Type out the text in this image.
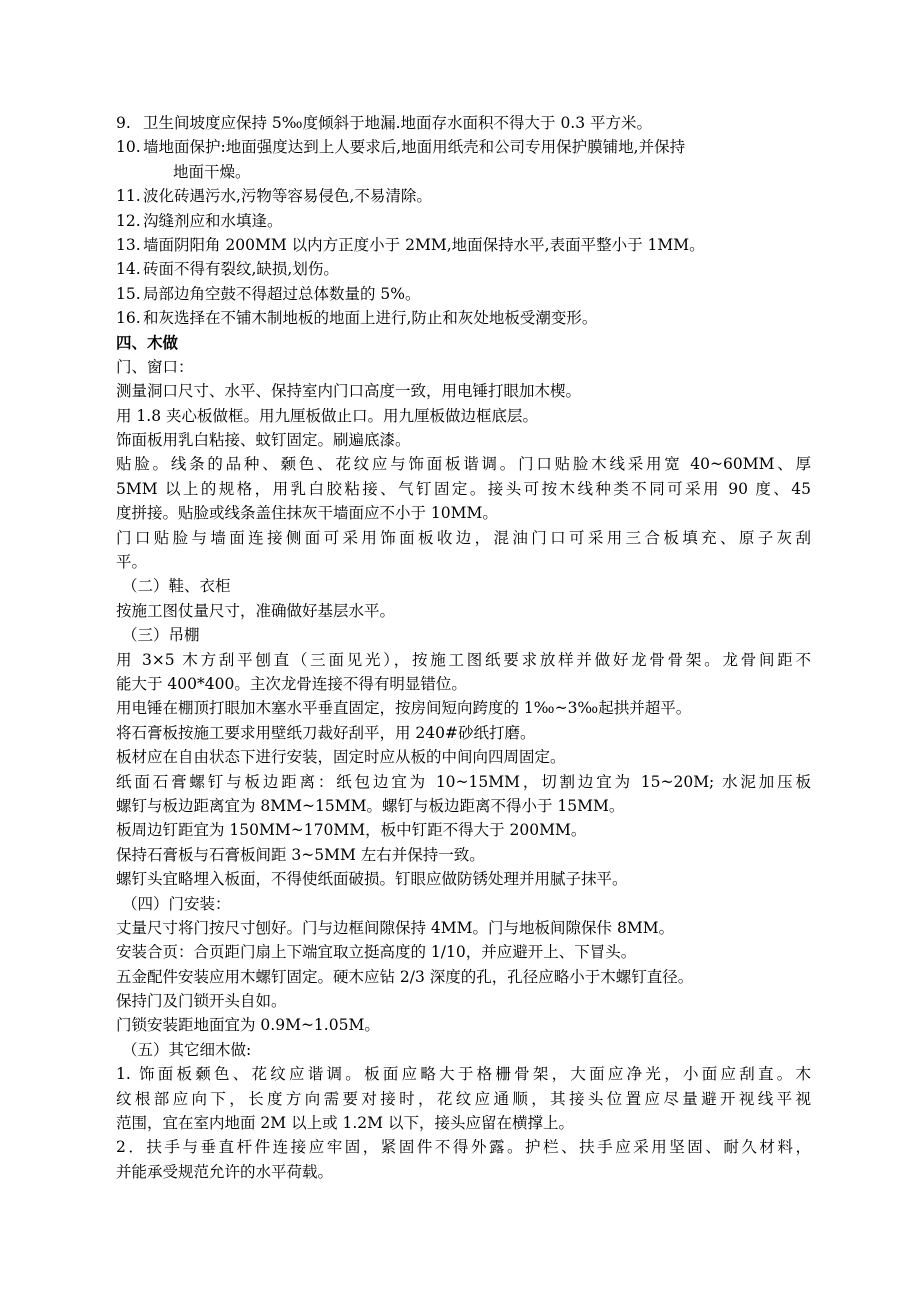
9. 卫生间坡度应保持 5‰度倾斜于地漏.地面存水面积不得大于 0.3 平方米。
10. 墙地面保护:地面强度达到上人要求后,地面用纸壳和公司专用保护膜铺地,并保持
地面干燥。
11. 波化砖遇污水,污物等容易侵色,不易清除。
12. 沟缝剂应和水填逢。
13. 墙面阴阳角 200MM 以内方正度小于 2MM,地面保持水平,表面平整小于 1MM。
14. 砖面不得有裂纹,缺损,划伤。
15. 局部边角空鼓不得超过总体数量的 5%。
16. 和灰选择在不铺木制地板的地面上进行,防止和灰处地板受潮变形。
四、木做
门、窗口：
测量洞口尺寸、水平、保持室内门口高度一致，用电锤打眼加木楔。
用 1.8 夹心板做框。用九厘板做止口。用九厘板做边框底层。
饰面板用乳白粘接、蚊钉固定。刷遍底漆。
贴脸。线条的品种、颡色、花纹应与饰面板谐调。门口贴脸木线采用宽 40~60MM、厚
5MM 以上的规格，用乳白胶粘接、气钉固定。接头可按木线种类不同可采用 90 度、45
度拼接。贴脸或线条盖住抹灰干墙面应不小于 10MM。
门口贴脸与墙面连接侧面可采用饰面板收边，混油门口可采用三合板填充、原子灰刮
平。
（二）鞋、衣柜
按施工图仗量尺寸，准确做好基层水平。
（三）吊棚
用 3×5 木方刮平刨直（三面见光），按施工图纸要求放样并做好龙骨骨架。龙骨间距不
能大于 400*400。主次龙骨连接不得有明显错位。
用电锤在棚顶打眼加木塞水平垂直固定，按房间短向跨度的 1‰~3‰起拱并超平。
将石膏板按施工要求用壁纸刀裁好刮平，用 240#砂纸打磨。
板材应在自由状态下进行安装，固定时应从板的中间向四周固定。
纸面石膏螺钉与板边距离：纸包边宜为 10~15MM，切割边宜为 15~20M; 水泥加压板
螺钉与板边距离宜为 8MM~15MM。螺钉与板边距离不得小于 15MM。
板周边钉距宜为 150MM~170MM，板中钉距不得大于 200MM。
保持石膏板与石膏板间距 3~5MM 左右并保持一致。
螺钉头宜略埋入板面，不得使纸面破损。钉眼应做防锈处理并用腻子抹平。
（四）门安装：
丈量尺寸将门按尺寸刨好。门与边框间隙保持 4MM。门与地板间隙保佧 8MM。
安装合页：合页距门扇上下端宜取立挺高度的 1/10，并应避开上、下冒头。
五金配件安装应用木螺钉固定。硬木应钻 2/3 深度的孔，孔径应略小于木螺钉直径。
保持门及门锁开头自如。
门锁安装距地面宜为 0.9M~1.05M。
（五）其它细木做:
1. 饰面板颡色、花纹应谐调。板面应略大于格栅骨架，大面应净光，小面应刮直。木
纹根部应向下，长度方向需要对接时，花纹应通顺，其接头位置应尽量避开视线平视
范围，宜在室内地面 2M 以上或 1.2M 以下，接头应留在横撑上。
2．扶手与垂直杆件连接应牢固，紧固件不得外露。护栏、扶手应采用坚固、耐久材料，
并能承受规范允许的水平荷载。
